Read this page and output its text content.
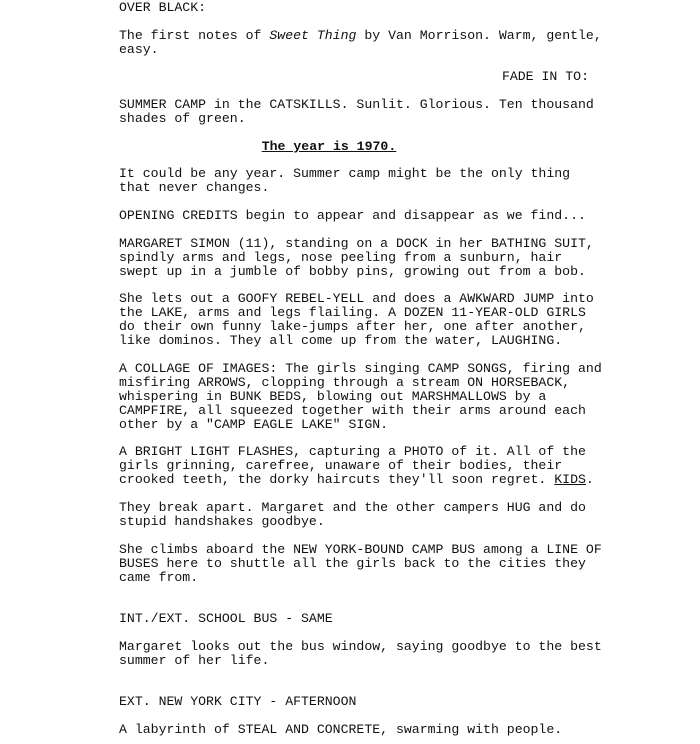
OVER BLACK:
The first notes of Sweet Thing by Van Morrison. Warm, gentle,
easy.
FADE IN TO:
SUMMER CAMP in the CATSKILLS. Sunlit. Glorious. Ten thousand
shades of green.
The year is 1970.
It could be any year. Summer camp might be the only thing
that never changes.
OPENING CREDITS begin to appear and disappear as we find...
MARGARET SIMON (11), standing on a DOCK in her BATHING SUIT,
spindly arms and legs, nose peeling from a sunburn, hair
swept up in a jumble of bobby pins, growing out from a bob.
She lets out a GOOFY REBEL-YELL and does a AWKWARD JUMP into
the LAKE, arms and legs flailing. A DOZEN 11-YEAR-OLD GIRLS
do their own funny lake-jumps after her, one after another,
like dominos. They all come up from the water, LAUGHING.
A COLLAGE OF IMAGES: The girls singing CAMP SONGS, firing and
misfiring ARROWS, clopping through a stream ON HORSEBACK,
whispering in BUNK BEDS, blowing out MARSHMALLOWS by a
CAMPFIRE, all squeezed together with their arms around each
other by a "CAMP EAGLE LAKE" SIGN.
A BRIGHT LIGHT FLASHES, capturing a PHOTO of it. All of the
girls grinning, carefree, unaware of their bodies, their
crooked teeth, the dorky haircuts they'll soon regret. KIDS.
They break apart. Margaret and the other campers HUG and do
stupid handshakes goodbye.
She climbs aboard the NEW YORK-BOUND CAMP BUS among a LINE OF
BUSES here to shuttle all the girls back to the cities they
came from.
INT./EXT. SCHOOL BUS - SAME
Margaret looks out the bus window, saying goodbye to the best
summer of her life.
EXT. NEW YORK CITY - AFTERNOON
A labyrinth of STEAL AND CONCRETE, swarming with people.
